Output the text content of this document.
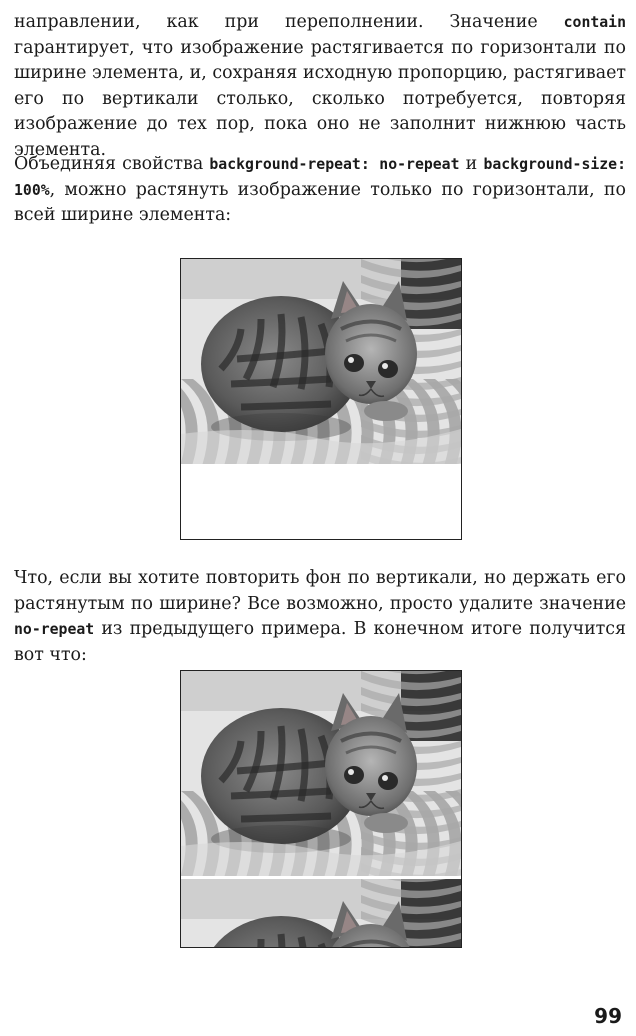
направлении, как при переполнении. Значение contain гарантирует, что изображение растягивается по горизонтали по ширине элемента, и, сохраняя исходную пропорцию, растягивает его по вертикали столько, сколько потребуется, повторяя изображение до тех пор, пока оно не заполнит нижнюю часть элемента.

Объединяя свойства background-repeat: no-repeat и background-size: 100%, можно растянуть изображение только по горизонтали, по всей ширине элемента:

Что, если вы хотите повторить фон по вертикали, но держать его растянутым по ширине? Все возможно, просто удалите значение no-repeat из предыдущего примера. В конечном итоге получится вот что:

99
